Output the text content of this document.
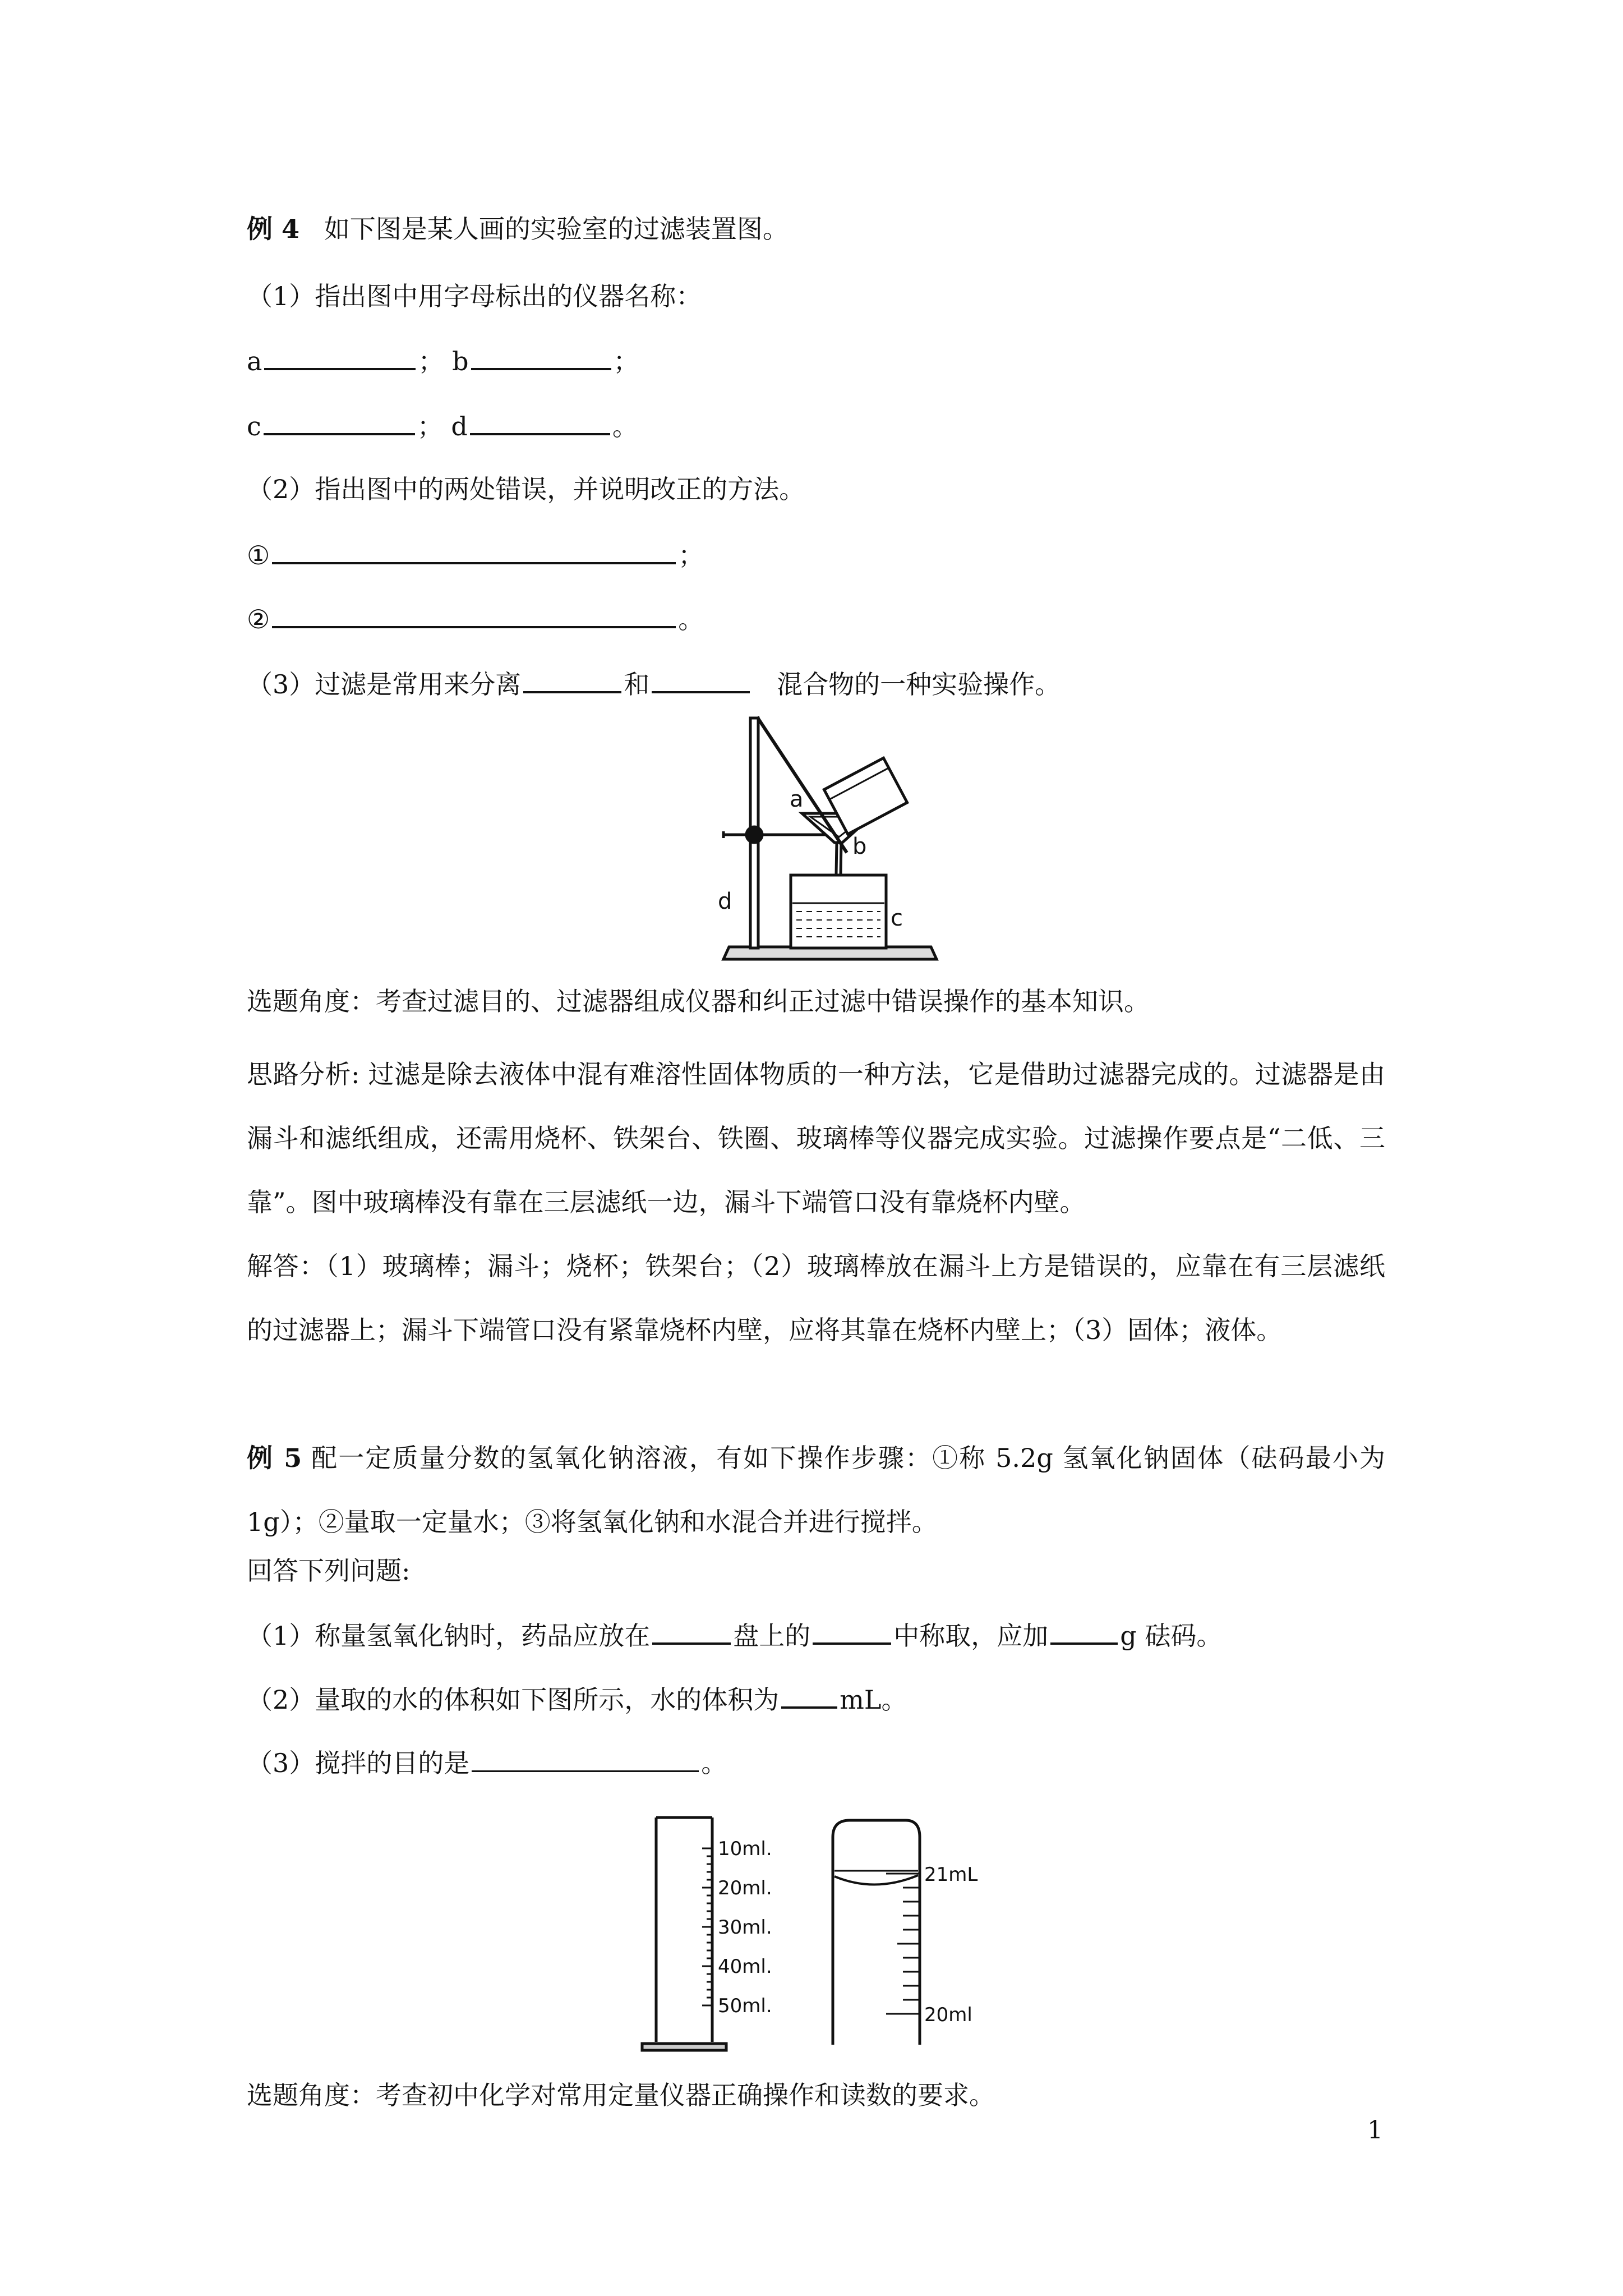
例 4 如下图是某人画的实验室的过滤装置图。
（1）指出图中用字母标出的仪器名称：
a	； b	；
c	； d	。
（2）指出图中的两处错误，并说明改正的方法。
①	；
②	。
（3）过滤是常用来分离	和	混合物的一种实验操作。
a
b
c
d
选题角度：考查过滤目的、过滤器组成仪器和纠正过滤中错误操作的基本知识。
思路分析: 过滤是除去液体中混有难溶性固体物质的一种方法，它是借助过滤器完成的。过滤器是由漏斗和滤纸组成，还需用烧杯、铁架台、铁圈、玻璃棒等仪器完成实验。过滤操作要点是“二低、三靠”。图中玻璃棒没有靠在三层滤纸一边，漏斗下端管口没有靠烧杯内壁。
解答：（1）玻璃棒；漏斗；烧杯；铁架台；（2）玻璃棒放在漏斗上方是错误的，应靠在有三层滤纸的过滤器上；漏斗下端管口没有紧靠烧杯内壁，应将其靠在烧杯内壁上；（3）固体；液体。
例 5 配一定质量分数的氢氧化钠溶液，有如下操作步骤：①称 5.2g 氢氧化钠固体（砝码最小为 1g）；②量取一定量水；③将氢氧化钠和水混合并进行搅拌。
回答下列问题:
（1）称量氢氧化钠时，药品应放在	盘上的	中称取，应加	g 砝码。
（2）量取的水的体积如下图所示，水的体积为 mL。
（3）搅拌的目的是	。
10ml.
20ml.
30ml.
40ml.
50ml.
21mL
20ml
选题角度：考查初中化学对常用定量仪器正确操作和读数的要求。
1
